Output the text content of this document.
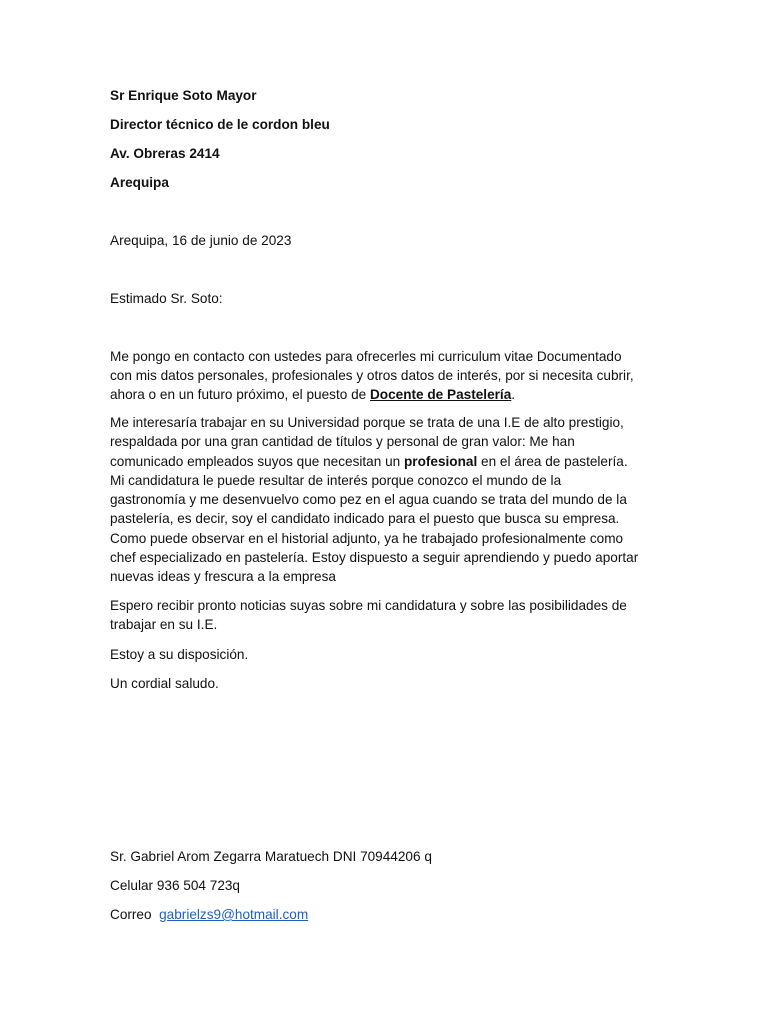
Sr Enrique Soto Mayor
Director técnico de le cordon bleu
Av. Obreras 2414
Arequipa
Arequipa, 16 de junio de 2023
Estimado Sr. Soto:
Me pongo en contacto con ustedes para ofrecerles mi curriculum vitae Documentado
con mis datos personales, profesionales y otros datos de interés, por si necesita cubrir,
ahora o en un futuro próximo, el puesto de Docente de Pastelería.
Me interesaría trabajar en su Universidad porque se trata de una I.E de alto prestigio,
respaldada por una gran cantidad de títulos y personal de gran valor: Me han
comunicado empleados suyos que necesitan un profesional en el área de pastelería.
Mi candidatura le puede resultar de interés porque conozco el mundo de la
gastronomía y me desenvuelvo como pez en el agua cuando se trata del mundo de la
pastelería, es decir, soy el candidato indicado para el puesto que busca su empresa.
Como puede observar en el historial adjunto, ya he trabajado profesionalmente como
chef especializado en pastelería. Estoy dispuesto a seguir aprendiendo y puedo aportar
nuevas ideas y frescura a la empresa
Espero recibir pronto noticias suyas sobre mi candidatura y sobre las posibilidades de
trabajar en su I.E.
Estoy a su disposición.
Un cordial saludo.
Sr. Gabriel Arom Zegarra Maratuech DNI 70944206 q
Celular 936 504 723q
Correo gabrielzs9@hotmail.com
